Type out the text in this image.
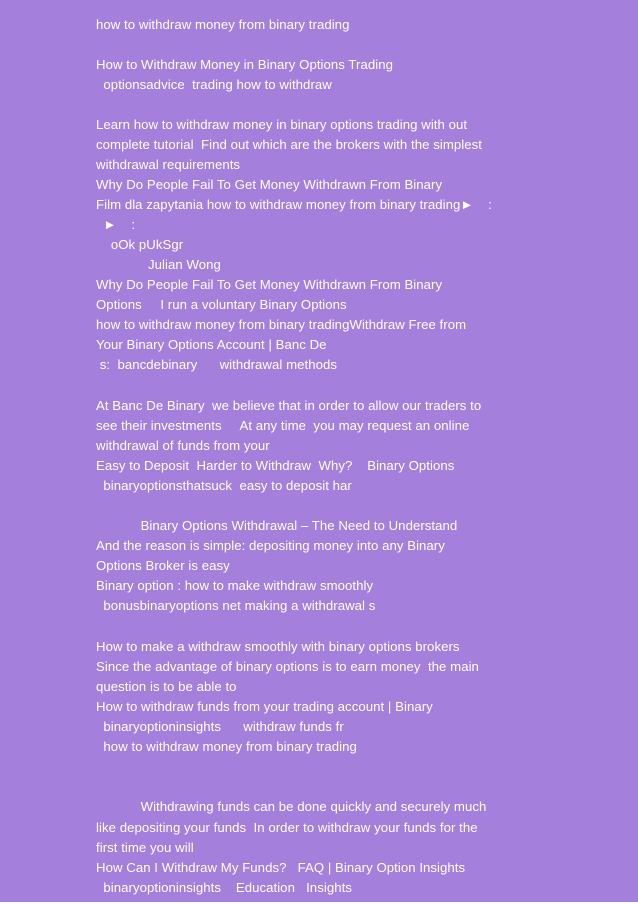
how to withdraw money from binary trading
How to Withdraw Money in Binary Options Trading
optionsadvice  trading how to withdraw
Learn how to withdraw money in binary options trading with out
complete tutorial  Find out which are the brokers with the simplest
withdrawal requirements
Why Do People Fail To Get Money Withdrawn From Binary
Film dla zapytania how to withdraw money from binary trading►    :
►    :
oOk pUkSgr
Julian Wong
Why Do People Fail To Get Money Withdrawn From Binary
Options     I run a voluntary Binary Options
how to withdraw money from binary tradingWithdraw Free from
Your Binary Options Account | Banc De
s:  bancdebinary      withdrawal methods
At Banc De Binary  we believe that in order to allow our traders to
see their investments     At any time  you may request an online
withdrawal of funds from your
Easy to Deposit  Harder to Withdraw  Why?    Binary Options
binaryoptionsthatsuck  easy to deposit har
Binary Options Withdrawal – The Need to Understand
And the reason is simple: depositing money into any Binary
Options Broker is easy
Binary option : how to make withdraw smoothly
bonusbinaryoptions net making a withdrawal s
How to make a withdraw smoothly with binary options brokers
Since the advantage of binary options is to earn money  the main
question is to be able to
How to withdraw funds from your trading account | Binary
binaryoptioninsights      withdraw funds fr
how to withdraw money from binary trading
Withdrawing funds can be done quickly and securely much
like depositing your funds  In order to withdraw your funds for the
first time you will
How Can I Withdraw My Funds?   FAQ | Binary Option Insights
binaryoptioninsights    Education   Insights
